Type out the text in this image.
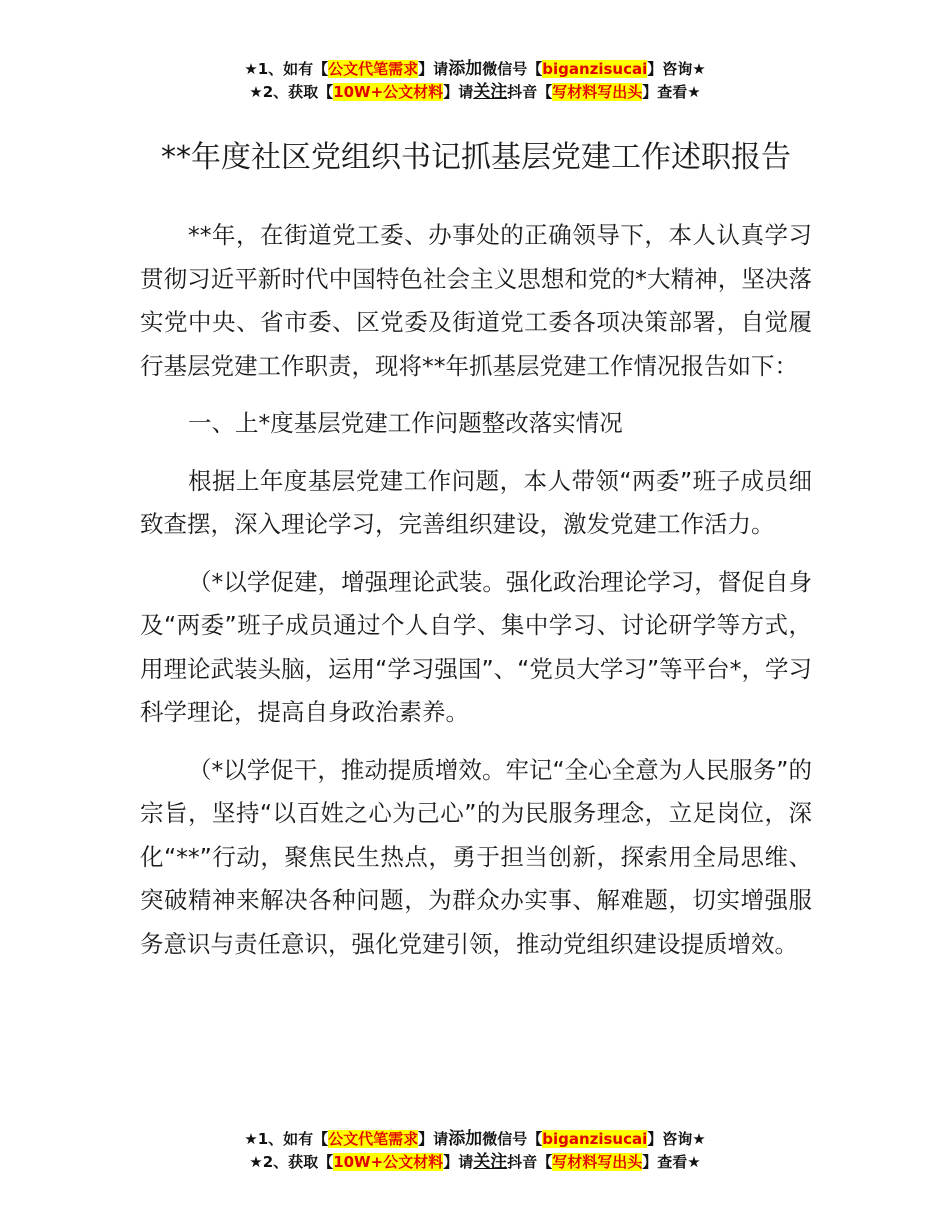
★1、如有【公文代笔需求】请添加微信号【biganzisucai】咨询★
★2、获取【10W+公文材料】请关注抖音【写材料写出头】查看★
**年度社区党组织书记抓基层党建工作述职报告

**年，在街道党工委、办事处的正确领导下，本人认真学习贯彻习近平新时代中国特色社会主义思想和党的*大精神，坚决落实党中央、省市委、区党委及街道党工委各项决策部署，自觉履行基层党建工作职责，现将**年抓基层党建工作情况报告如下：

一、上*度基层党建工作问题整改落实情况

根据上年度基层党建工作问题，本人带领“两委”班子成员细致查摆，深入理论学习，完善组织建设，激发党建工作活力。

（*以学促建，增强理论武装。强化政治理论学习，督促自身及“两委”班子成员通过个人自学、集中学习、讨论研学等方式，用理论武装头脑，运用“学习强国”、“党员大学习”等平台*，学习科学理论，提高自身政治素养。

（*以学促干，推动提质增效。牢记“全心全意为人民服务”的宗旨，坚持“以百姓之心为己心”的为民服务理念，立足岗位，深化“**”行动，聚焦民生热点，勇于担当创新，探索用全局思维、突破精神来解决各种问题，为群众办实事、解难题，切实增强服务意识与责任意识，强化党建引领，推动党组织建设提质增效。

★1、如有【公文代笔需求】请添加微信号【biganzisucai】咨询★
★2、获取【10W+公文材料】请关注抖音【写材料写出头】查看★
